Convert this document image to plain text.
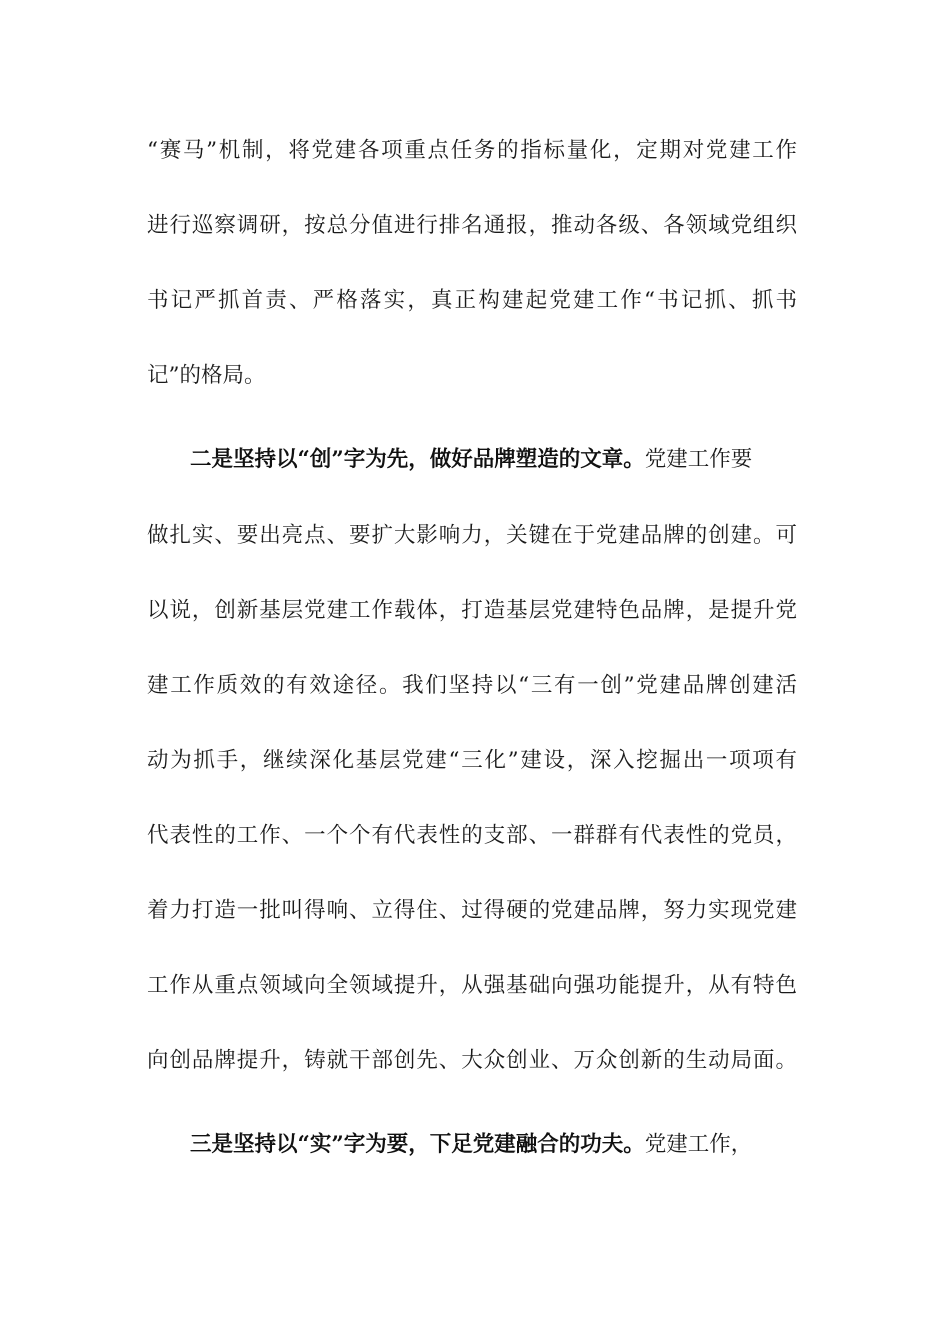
“赛马”机制，将党建各项重点任务的指标量化，定期对党建工作
进行巡察调研，按总分值进行排名通报，推动各级、各领域党组织
书记严抓首责、严格落实，真正构建起党建工作“书记抓、抓书
记”的格局。
二是坚持以“创”字为先，做好品牌塑造的文章。党建工作要
做扎实、要出亮点、要扩大影响力，关键在于党建品牌的创建。可
以说，创新基层党建工作载体，打造基层党建特色品牌，是提升党
建工作质效的有效途径。我们坚持以“三有一创”党建品牌创建活
动为抓手，继续深化基层党建“三化”建设，深入挖掘出一项项有
代表性的工作、一个个有代表性的支部、一群群有代表性的党员，
着力打造一批叫得响、立得住、过得硬的党建品牌，努力实现党建
工作从重点领域向全领域提升，从强基础向强功能提升，从有特色
向创品牌提升，铸就干部创先、大众创业、万众创新的生动局面。
三是坚持以“实”字为要，下足党建融合的功夫。党建工作，
